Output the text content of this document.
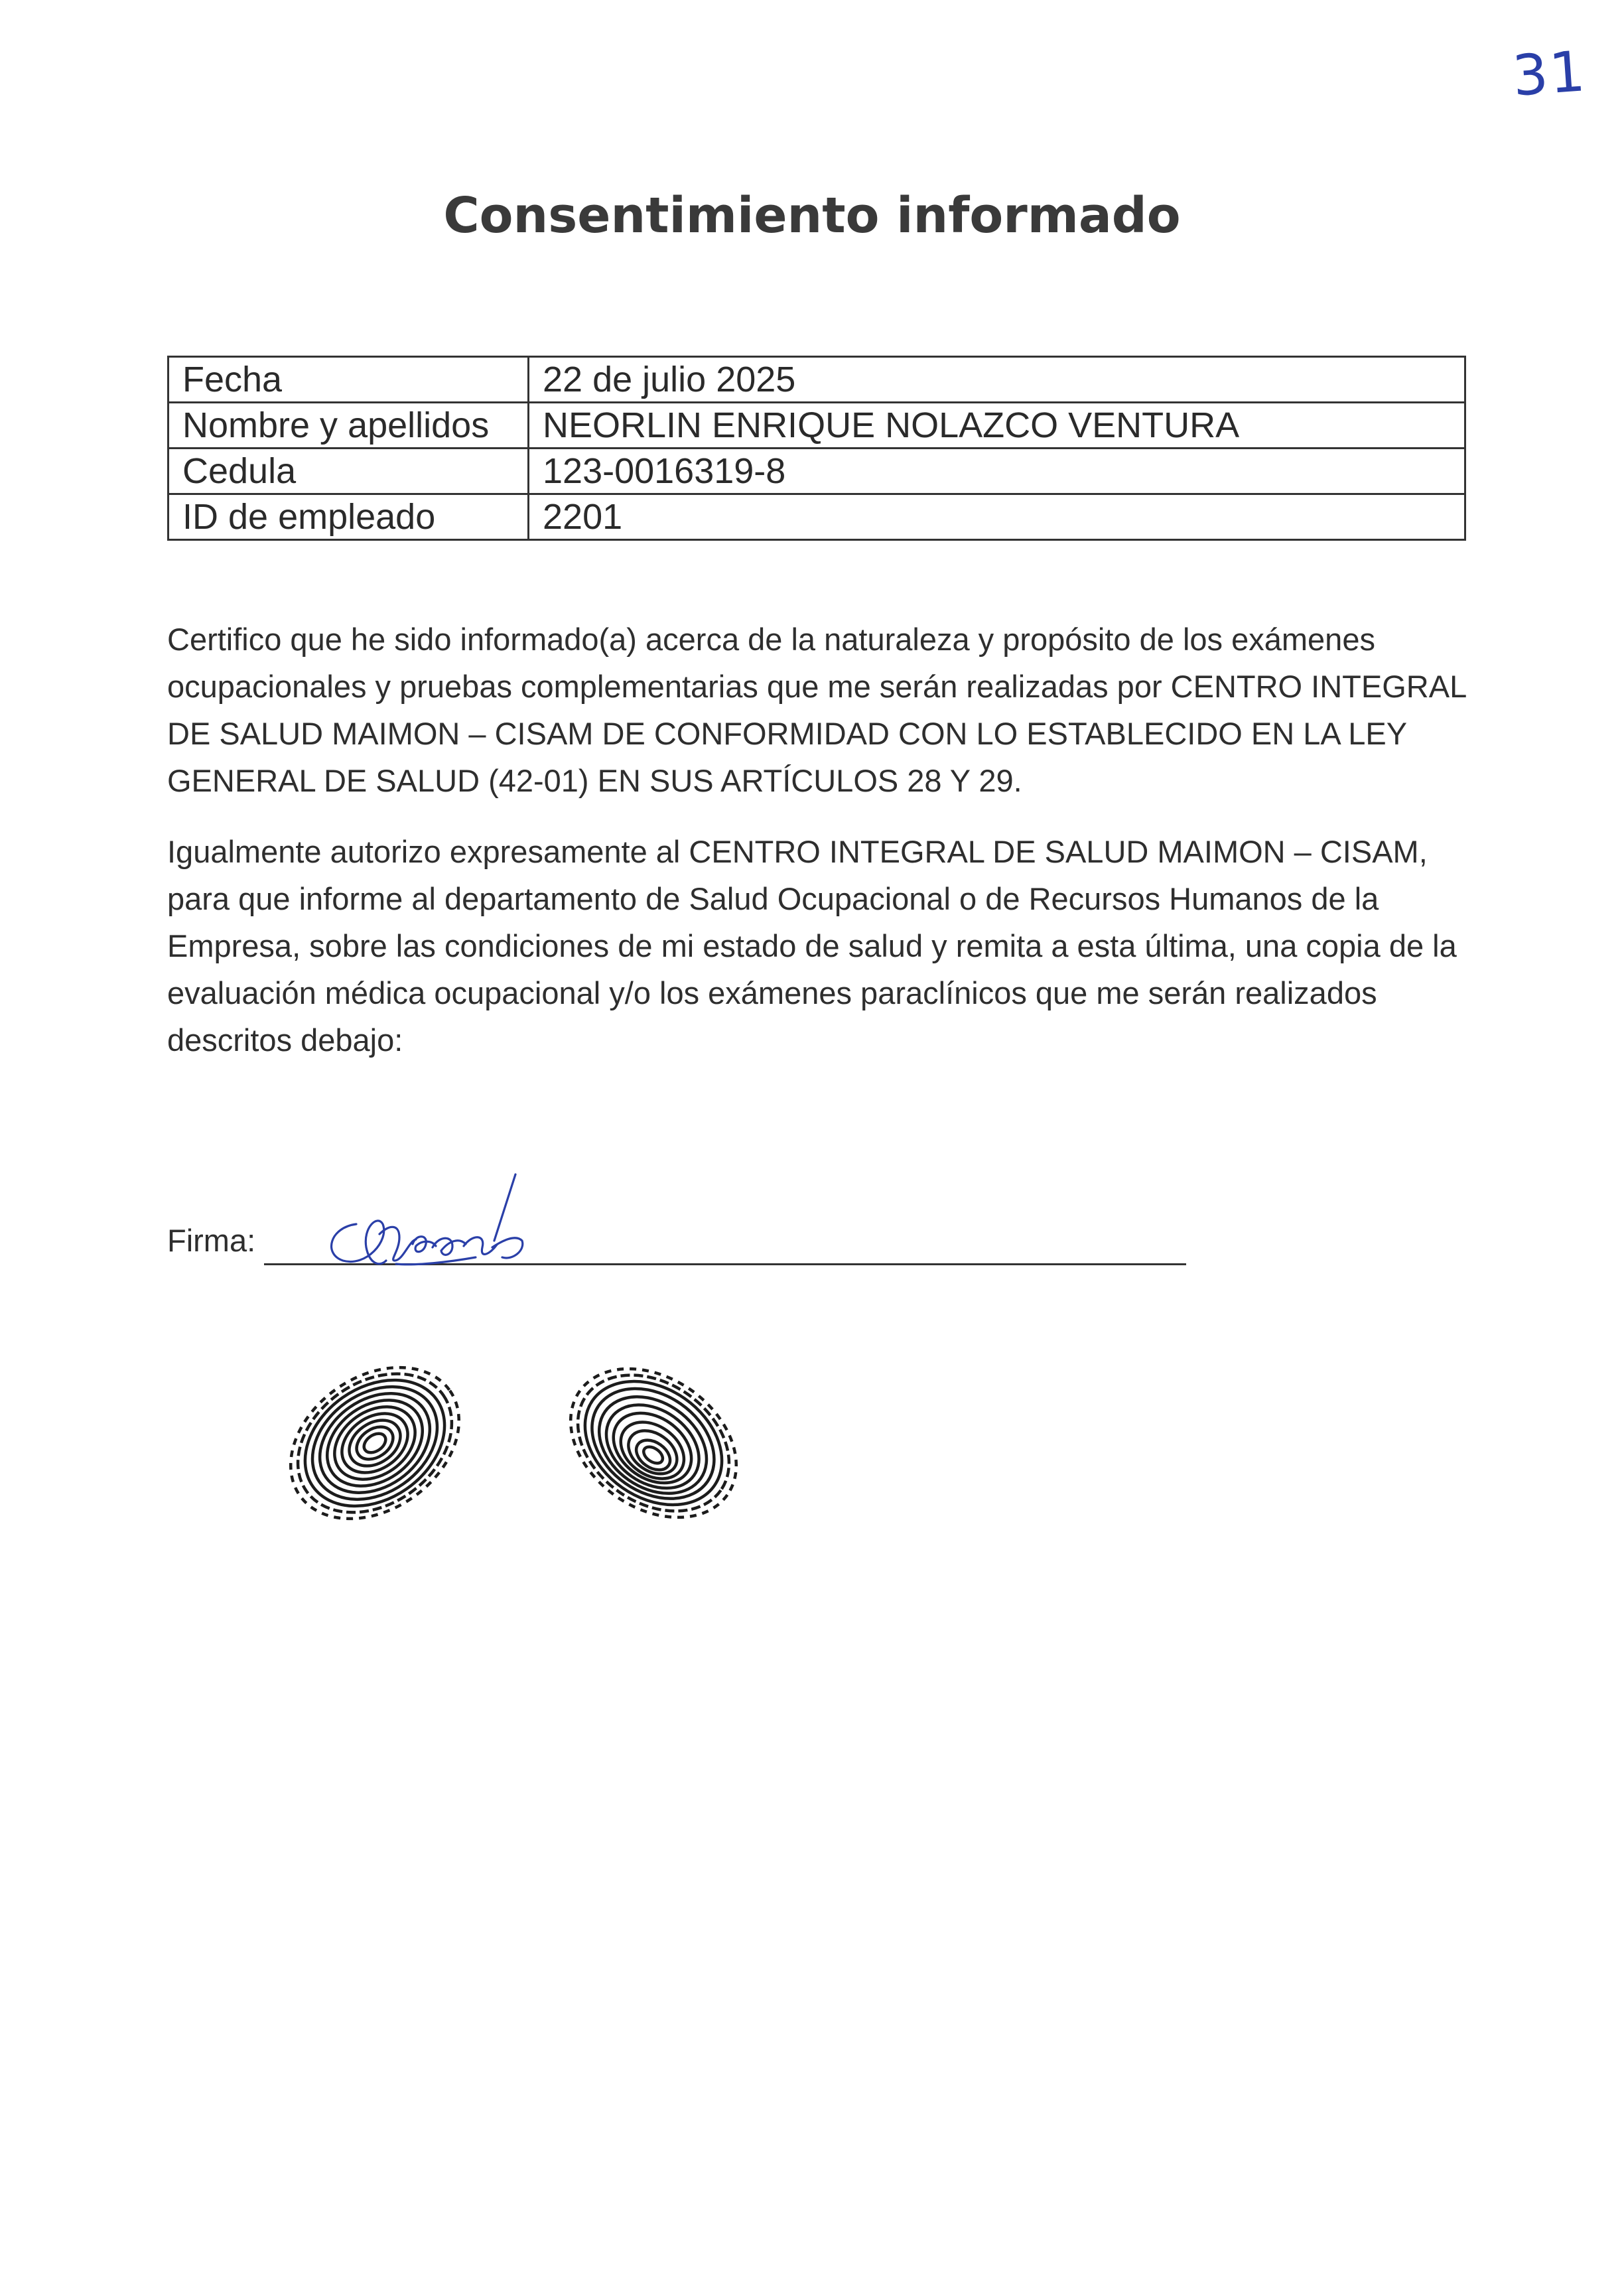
31
Consentimiento informado
Fecha	22 de julio 2025
Nombre y apellidos	NEORLIN ENRIQUE NOLAZCO VENTURA
Cedula	123-0016319-8
ID de empleado	2201

Certifico que he sido informado(a) acerca de la naturaleza y propósito de los exámenes ocupacionales y pruebas complementarias que me serán realizadas por CENTRO INTEGRAL DE SALUD MAIMON – CISAM DE CONFORMIDAD CON LO ESTABLECIDO EN LA LEY GENERAL DE SALUD (42-01) EN SUS ARTÍCULOS 28 Y 29.

Igualmente autorizo expresamente al CENTRO INTEGRAL DE SALUD MAIMON – CISAM, para que informe al departamento de Salud Ocupacional o de Recursos Humanos de la Empresa, sobre las condiciones de mi estado de salud y remita a esta última, una copia de la evaluación médica ocupacional y/o los exámenes paraclínicos que me serán realizados descritos debajo:

Firma:
